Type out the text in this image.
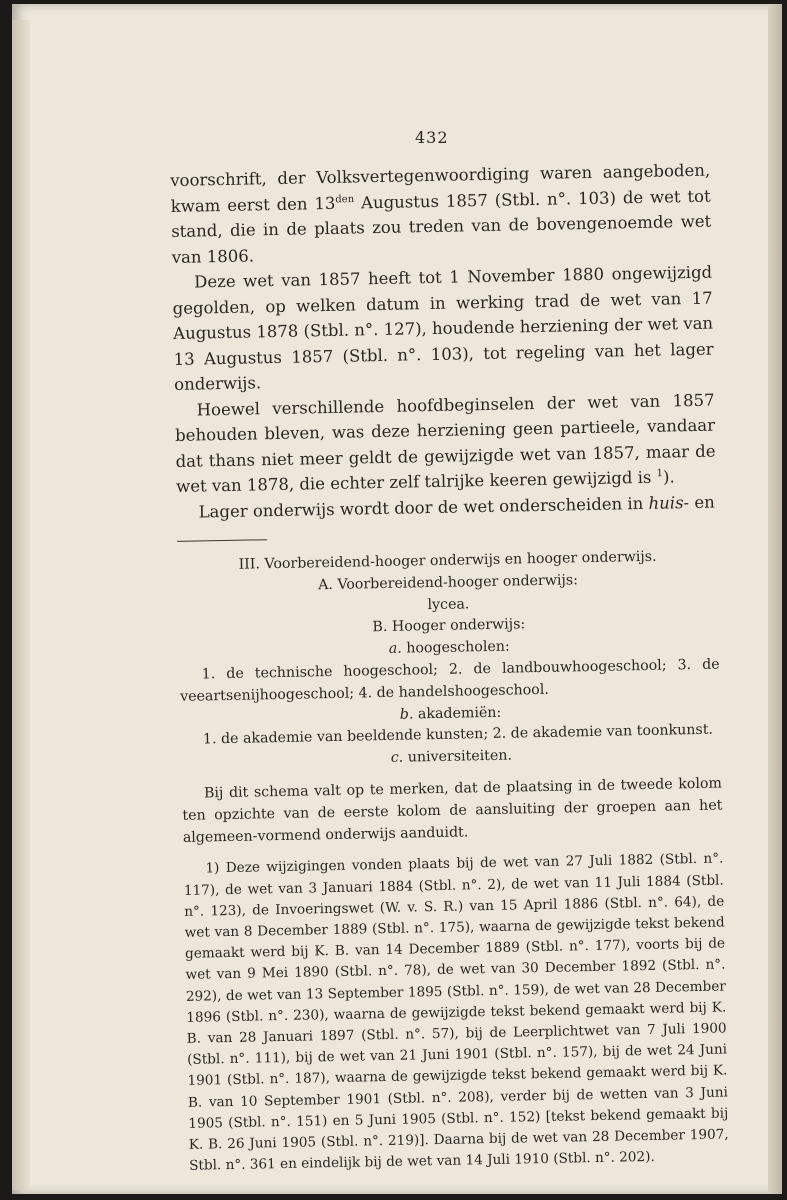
432

voorschrift, der Volksvertegenwoordiging waren aangeboden, kwam eerst den $13^{den}$ Augustus 1857 (Stbl. n°. 103) de wet tot stand, die in de plaats zou treden van de bovengenoemde wet van 1806.

Deze wet van 1857 heeft tot 1 November 1880 ongewijzigd gegolden, op welken datum in werking trad de wet van 17 Augustus 1878 (Stbl. n°. 127), houdende herziening der wet van 13 Augustus 1857 (Stbl. n°. 103), tot regeling van het lager onderwijs.

Hoewel verschillende hoofdbeginselen der wet van 1857 behouden bleven, was deze herziening geen partieele, vandaar dat thans niet meer geldt de gewijzigde wet van 1857, maar de wet van 1878, die echter zelf talrijke keeren gewijzigd is $^1$).

Lager onderwijs wordt door de wet onderscheiden in huis- en

III. Voorbereidend-hooger onderwijs en hooger onderwijs.

A. Voorbereidend-hooger onderwijs:

lycea.

B. Hooger onderwijs:

a. hoogescholen:

1. de technische hoogeschool; 2. de landbouwhoogeschool; 3. de veeartsenijhoogeschool; 4. de handelshoogeschool.

b. akademiën:

1. de akademie van beeldende kunsten; 2. de akademie van toonkunst.

c. universiteiten.

Bij dit schema valt op te merken, dat de plaatsing in de tweede kolom ten opzichte van de eerste kolom de aansluiting der groepen aan het algemeen-vormend onderwijs aanduidt.

1) Deze wijzigingen vonden plaats bij de wet van 27 Juli 1882 (Stbl. n°. 117), de wet van 3 Januari 1884 (Stbl. n°. 2), de wet van 11 Juli 1884 (Stbl. n°. 123), de Invoeringswet (W. v. S. R.) van 15 April 1886 (Stbl. n°. 64), de wet van 8 December 1889 (Stbl. n°. 175), waarna de gewijzigde tekst bekend gemaakt werd bij K. B. van 14 December 1889 (Stbl. n°. 177), voorts bij de wet van 9 Mei 1890 (Stbl. n°. 78), de wet van 30 December 1892 (Stbl. n°. 292), de wet van 13 September 1895 (Stbl. n°. 159), de wet van 28 December 1896 (Stbl. n°. 230), waarna de gewijzigde tekst bekend gemaakt werd bij K. B. van 28 Januari 1897 (Stbl. n°. 57), bij de Leerplichtwet van 7 Juli 1900 (Stbl. n°. 111), bij de wet van 21 Juni 1901 (Stbl. n°. 157), bij de wet 24 Juni 1901 (Stbl. n°. 187), waarna de gewijzigde tekst bekend gemaakt werd bij K. B. van 10 September 1901 (Stbl. n°. 208), verder bij de wetten van 3 Juni 1905 (Stbl. n°. 151) en 5 Juni 1905 (Stbl. n°. 152) [tekst bekend gemaakt bij K. B. 26 Juni 1905 (Stbl. n°. 219)]. Daarna bij de wet van 28 December 1907, Stbl. n°. 361 en eindelijk bij de wet van 14 Juli 1910 (Stbl. n°. 202).
